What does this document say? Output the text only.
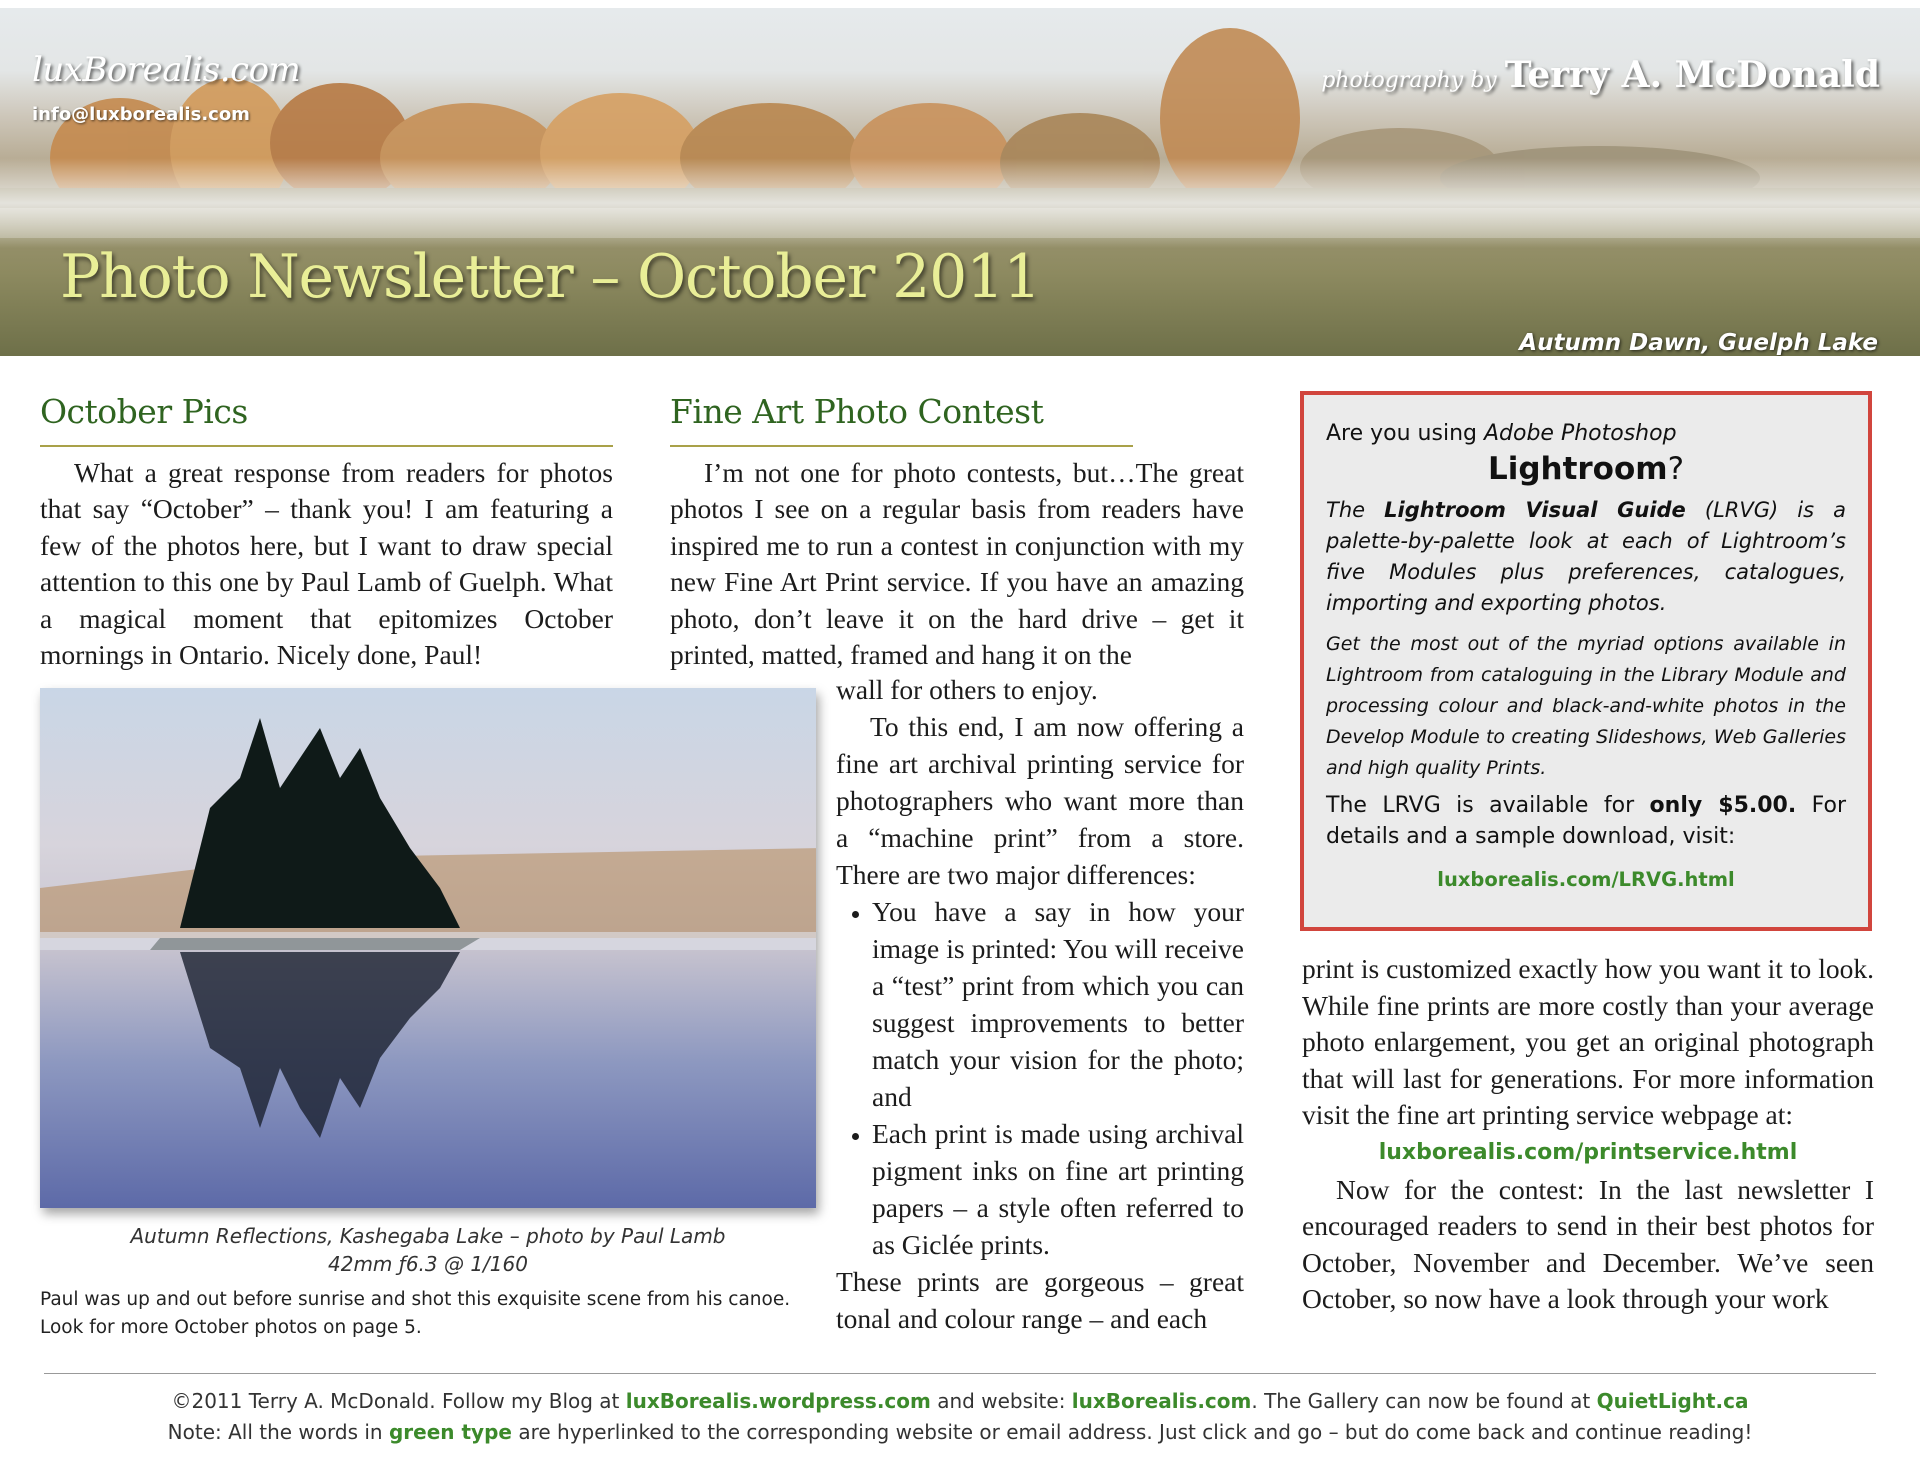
luxBorealis.com
info@luxborealis.com
photography by Terry A. McDonald
Photo Newsletter – October 2011
Autumn Dawn, Guelph Lake
October Pics

What a great response from readers for photos that say “October” – thank you! I am featuring a few of the photos here, but I want to draw special attention to this one by Paul Lamb of Guelph. What a magical moment that epitomizes October mornings in Ontario. Nicely done, Paul!

Autumn Reflections, Kashegaba Lake – photo by Paul Lamb
42mm ƒ6.3 @ 1/160
Paul was up and out before sunrise and shot this exquisite scene from his canoe.
Look for more October photos on page 5.
Fine Art Photo Contest

I’m not one for photo contests, but…The great photos I see on a regular basis from readers have inspired me to run a contest in conjunction with my new Fine Art Print service. If you have an amazing photo, don’t leave it on the hard drive – get it printed, matted, framed and hang it on the

wall for others to enjoy.

To this end, I am now offering a fine art archival printing service for photographers who want more than a “machine print” from a store. There are two major differences:

• You have a say in how your image is printed: You will receive a “test” print from which you can suggest improvements to better match your vision for the photo; and
• Each print is made using archival pigment inks on fine art printing papers – a style often referred to as Giclée prints.

These prints are gorgeous – great tonal and colour range – and each

Are you using Adobe Photoshop
Lightroom?
The Lightroom Visual Guide (LRVG) is a palette-by-palette look at each of Lightroom’s five Modules plus preferences, catalogues, importing and exporting photos.
Get the most out of the myriad options available in Lightroom from cataloguing in the Library Module and processing colour and black-and-white photos in the Develop Module to creating Slideshows, Web Galleries and high quality Prints.
The LRVG is available for only $5.00. For details and a sample download, visit:
luxborealis.com/LRVG.html

print is customized exactly how you want it to look. While fine prints are more costly than your average photo enlargement, you get an original photograph that will last for generations. For more information visit the fine art printing service webpage at:

luxborealis.com/printservice.html

Now for the contest: In the last newsletter I encouraged readers to send in their best photos for October, November and December. We’ve seen October, so now have a look through your work

©2011 Terry A. McDonald. Follow my Blog at luxBorealis.wordpress.com and website: luxBorealis.com. The Gallery can now be found at QuietLight.ca
Note: All the words in green type are hyperlinked to the corresponding website or email address. Just click and go – but do come back and continue reading!
